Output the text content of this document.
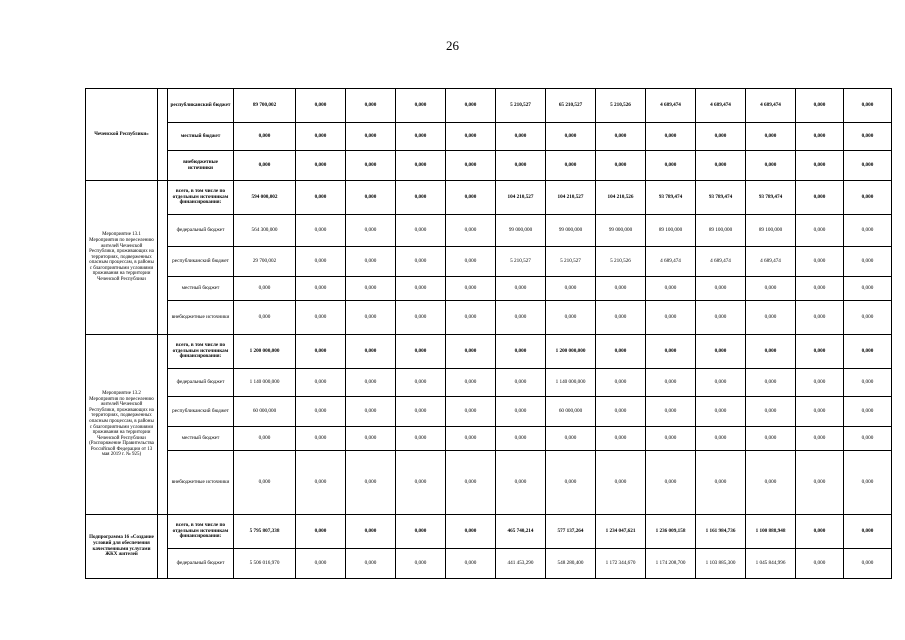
26
Чеченской Республики»		республиканский бюджет	89 700,002	0,000	0,000	0,000	0,000	5 210,527	65 210,527	5 210,526	4 689,474	4 689,474	4 689,474	0,000	0,000
		местный бюджет	0,000	0,000	0,000	0,000	0,000	0,000	0,000	0,000	0,000	0,000	0,000	0,000	0,000
		внебюджетные источники	0,000	0,000	0,000	0,000	0,000	0,000	0,000	0,000	0,000	0,000	0,000	0,000	0,000
Мероприятие 13.1 Мероприятия по переселению жителей Чеченской Республики, проживающих на территориях, подверженных опасным процессам, в районы с благоприятными условиями проживания на территории Чеченской Республики		всего, в том числе по отдельным источникам финансирования:	594 000,002	0,000	0,000	0,000	0,000	104 210,527	104 210,527	104 210,526	93 789,474	93 789,474	93 789,474	0,000	0,000
		федеральный бюджет	564 300,000	0,000	0,000	0,000	0,000	99 000,000	99 000,000	99 000,000	89 100,000	89 100,000	89 100,000	0,000	0,000
		республиканский бюджет	29 700,002	0,000	0,000	0,000	0,000	5 210,527	5 210,527	5 210,526	4 689,474	4 689,474	4 689,474	0,000	0,000
		местный бюджет	0,000	0,000	0,000	0,000	0,000	0,000	0,000	0,000	0,000	0,000	0,000	0,000	0,000
		внебюджетные источники	0,000	0,000	0,000	0,000	0,000	0,000	0,000	0,000	0,000	0,000	0,000	0,000	0,000
Мероприятие 13.2 Мероприятия по переселению жителей Чеченской Республики, проживающих на территориях, подверженных опасным процессам, в районы с благоприятными условиями проживания на территории Чеченской Республики (Распоряжение Правительства Российской Федерации от 13 мая 2019 г. № 925)		всего, в том числе по отдельным источникам финансирования:	1 200 000,000	0,000	0,000	0,000	0,000	0,000	1 200 000,000	0,000	0,000	0,000	0,000	0,000	0,000
		федеральный бюджет	1 140 000,000	0,000	0,000	0,000	0,000	0,000	1 140 000,000	0,000	0,000	0,000	0,000	0,000	0,000
		республиканский бюджет	60 000,000	0,000	0,000	0,000	0,000	0,000	60 000,000	0,000	0,000	0,000	0,000	0,000	0,000
		местный бюджет	0,000	0,000	0,000	0,000	0,000	0,000	0,000	0,000	0,000	0,000	0,000	0,000	0,000
		внебюджетные источники	0,000	0,000	0,000	0,000	0,000	0,000	0,000	0,000	0,000	0,000	0,000	0,000	0,000
Подпрограмма 16 «Создание условий для обеспечения качественными услугами ЖКХ жителей		всего, в том числе по отдельным источникам финансирования:	5 795 807,338	0,000	0,000	0,000	0,000	465 740,214	577 137,264	1 234 047,621	1 236 009,158	1 161 984,736	1 100 888,948	0,000	0,000
		федеральный бюджет	5 506 016,970	0,000	0,000	0,000	0,000	441 453,290	548 280,400	1 172 344,670	1 174 208,700	1 103 885,300	1 045 844,996	0,000	0,000
